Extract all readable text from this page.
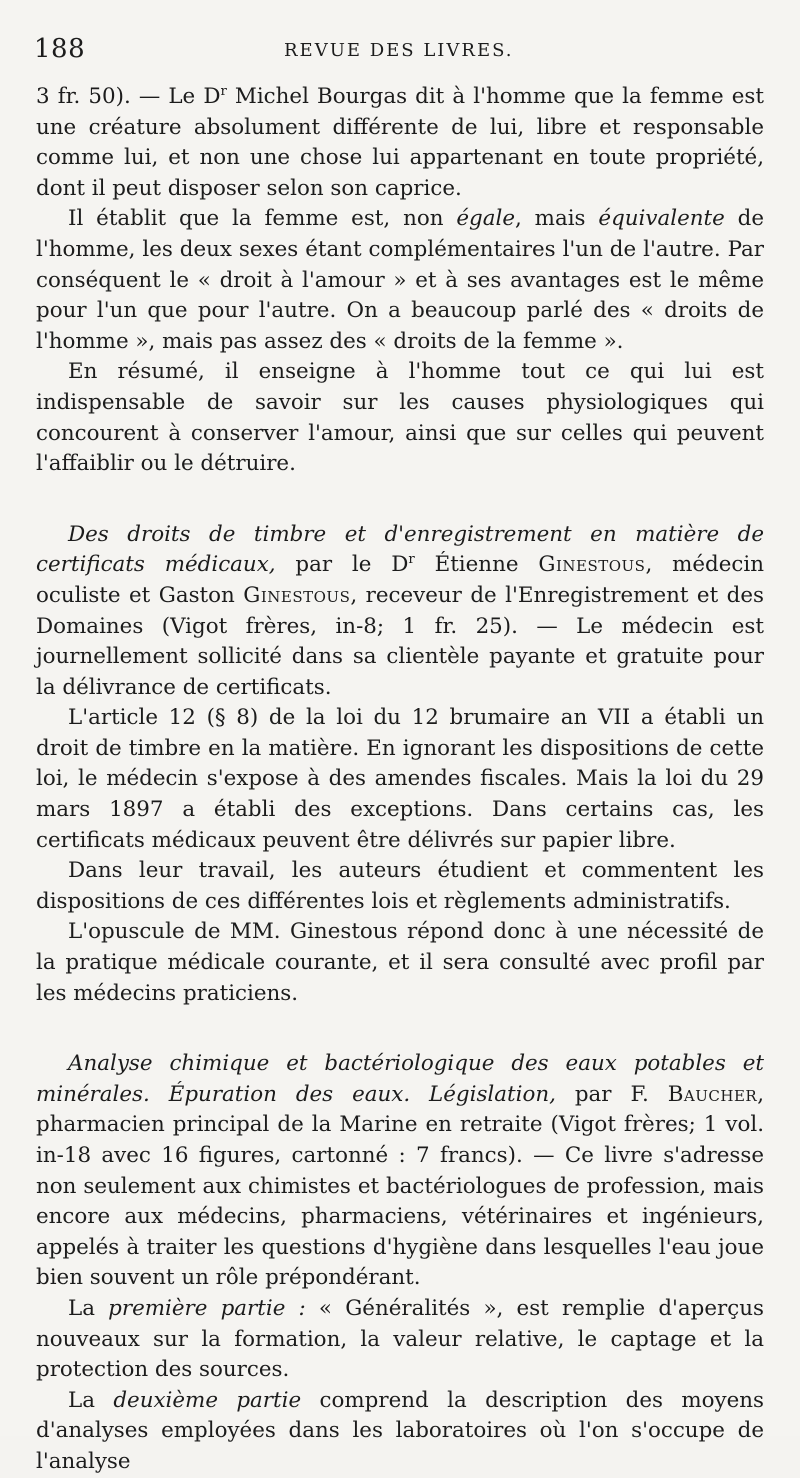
188	REVUE DES LIVRES.

3 fr. 50). — Le $D^r$ Michel Bourgas dit à l'homme que la femme est une créature absolument différente de lui, libre et responsable comme lui, et non une chose lui appartenant en toute propriété, dont il peut disposer selon son caprice.

Il établit que la femme est, non égale, mais équivalente de l'homme, les deux sexes étant complémentaires l'un de l'autre. Par conséquent le « droit à l'amour » et à ses avantages est le même pour l'un que pour l'autre. On a beaucoup parlé des « droits de l'homme », mais pas assez des « droits de la femme ».

En résumé, il enseigne à l'homme tout ce qui lui est indispensable de savoir sur les causes physiologiques qui concourent à conserver l'amour, ainsi que sur celles qui peuvent l'affaiblir ou le détruire.

Des droits de timbre et d'enregistrement en matière de certificats médicaux, par le $D^r$ Étienne Ginestous, médecin oculiste et Gaston Ginestous, receveur de l'Enregistrement et des Domaines (Vigot frères, in-8; 1 fr. 25). — Le médecin est journellement sollicité dans sa clientèle payante et gratuite pour la délivrance de certificats.

L'article 12 (§ 8) de la loi du 12 brumaire an VII a établi un droit de timbre en la matière. En ignorant les dispositions de cette loi, le médecin s'expose à des amendes fiscales. Mais la loi du 29 mars 1897 a établi des exceptions. Dans certains cas, les certificats médicaux peuvent être délivrés sur papier libre.

Dans leur travail, les auteurs étudient et commentent les dispositions de ces différentes lois et règlements administratifs.

L'opuscule de MM. Ginestous répond donc à une nécessité de la pratique médicale courante, et il sera consulté avec profil par les médecins praticiens.

Analyse chimique et bactériologique des eaux potables et minérales. Épuration des eaux. Législation, par F. Baucher, pharmacien principal de la Marine en retraite (Vigot frères; 1 vol. in-18 avec 16 figures, cartonné : 7 francs). — Ce livre s'adresse non seulement aux chimistes et bactériologues de profession, mais encore aux médecins, pharmaciens, vétérinaires et ingénieurs, appelés à traiter les questions d'hygiène dans lesquelles l'eau joue bien souvent un rôle prépondérant.

La première partie : « Généralités », est remplie d'aperçus nouveaux sur la formation, la valeur relative, le captage et la protection des sources.

La deuxième partie comprend la description des moyens d'analyses employées dans les laboratoires où l'on s'occupe de l'analyse
